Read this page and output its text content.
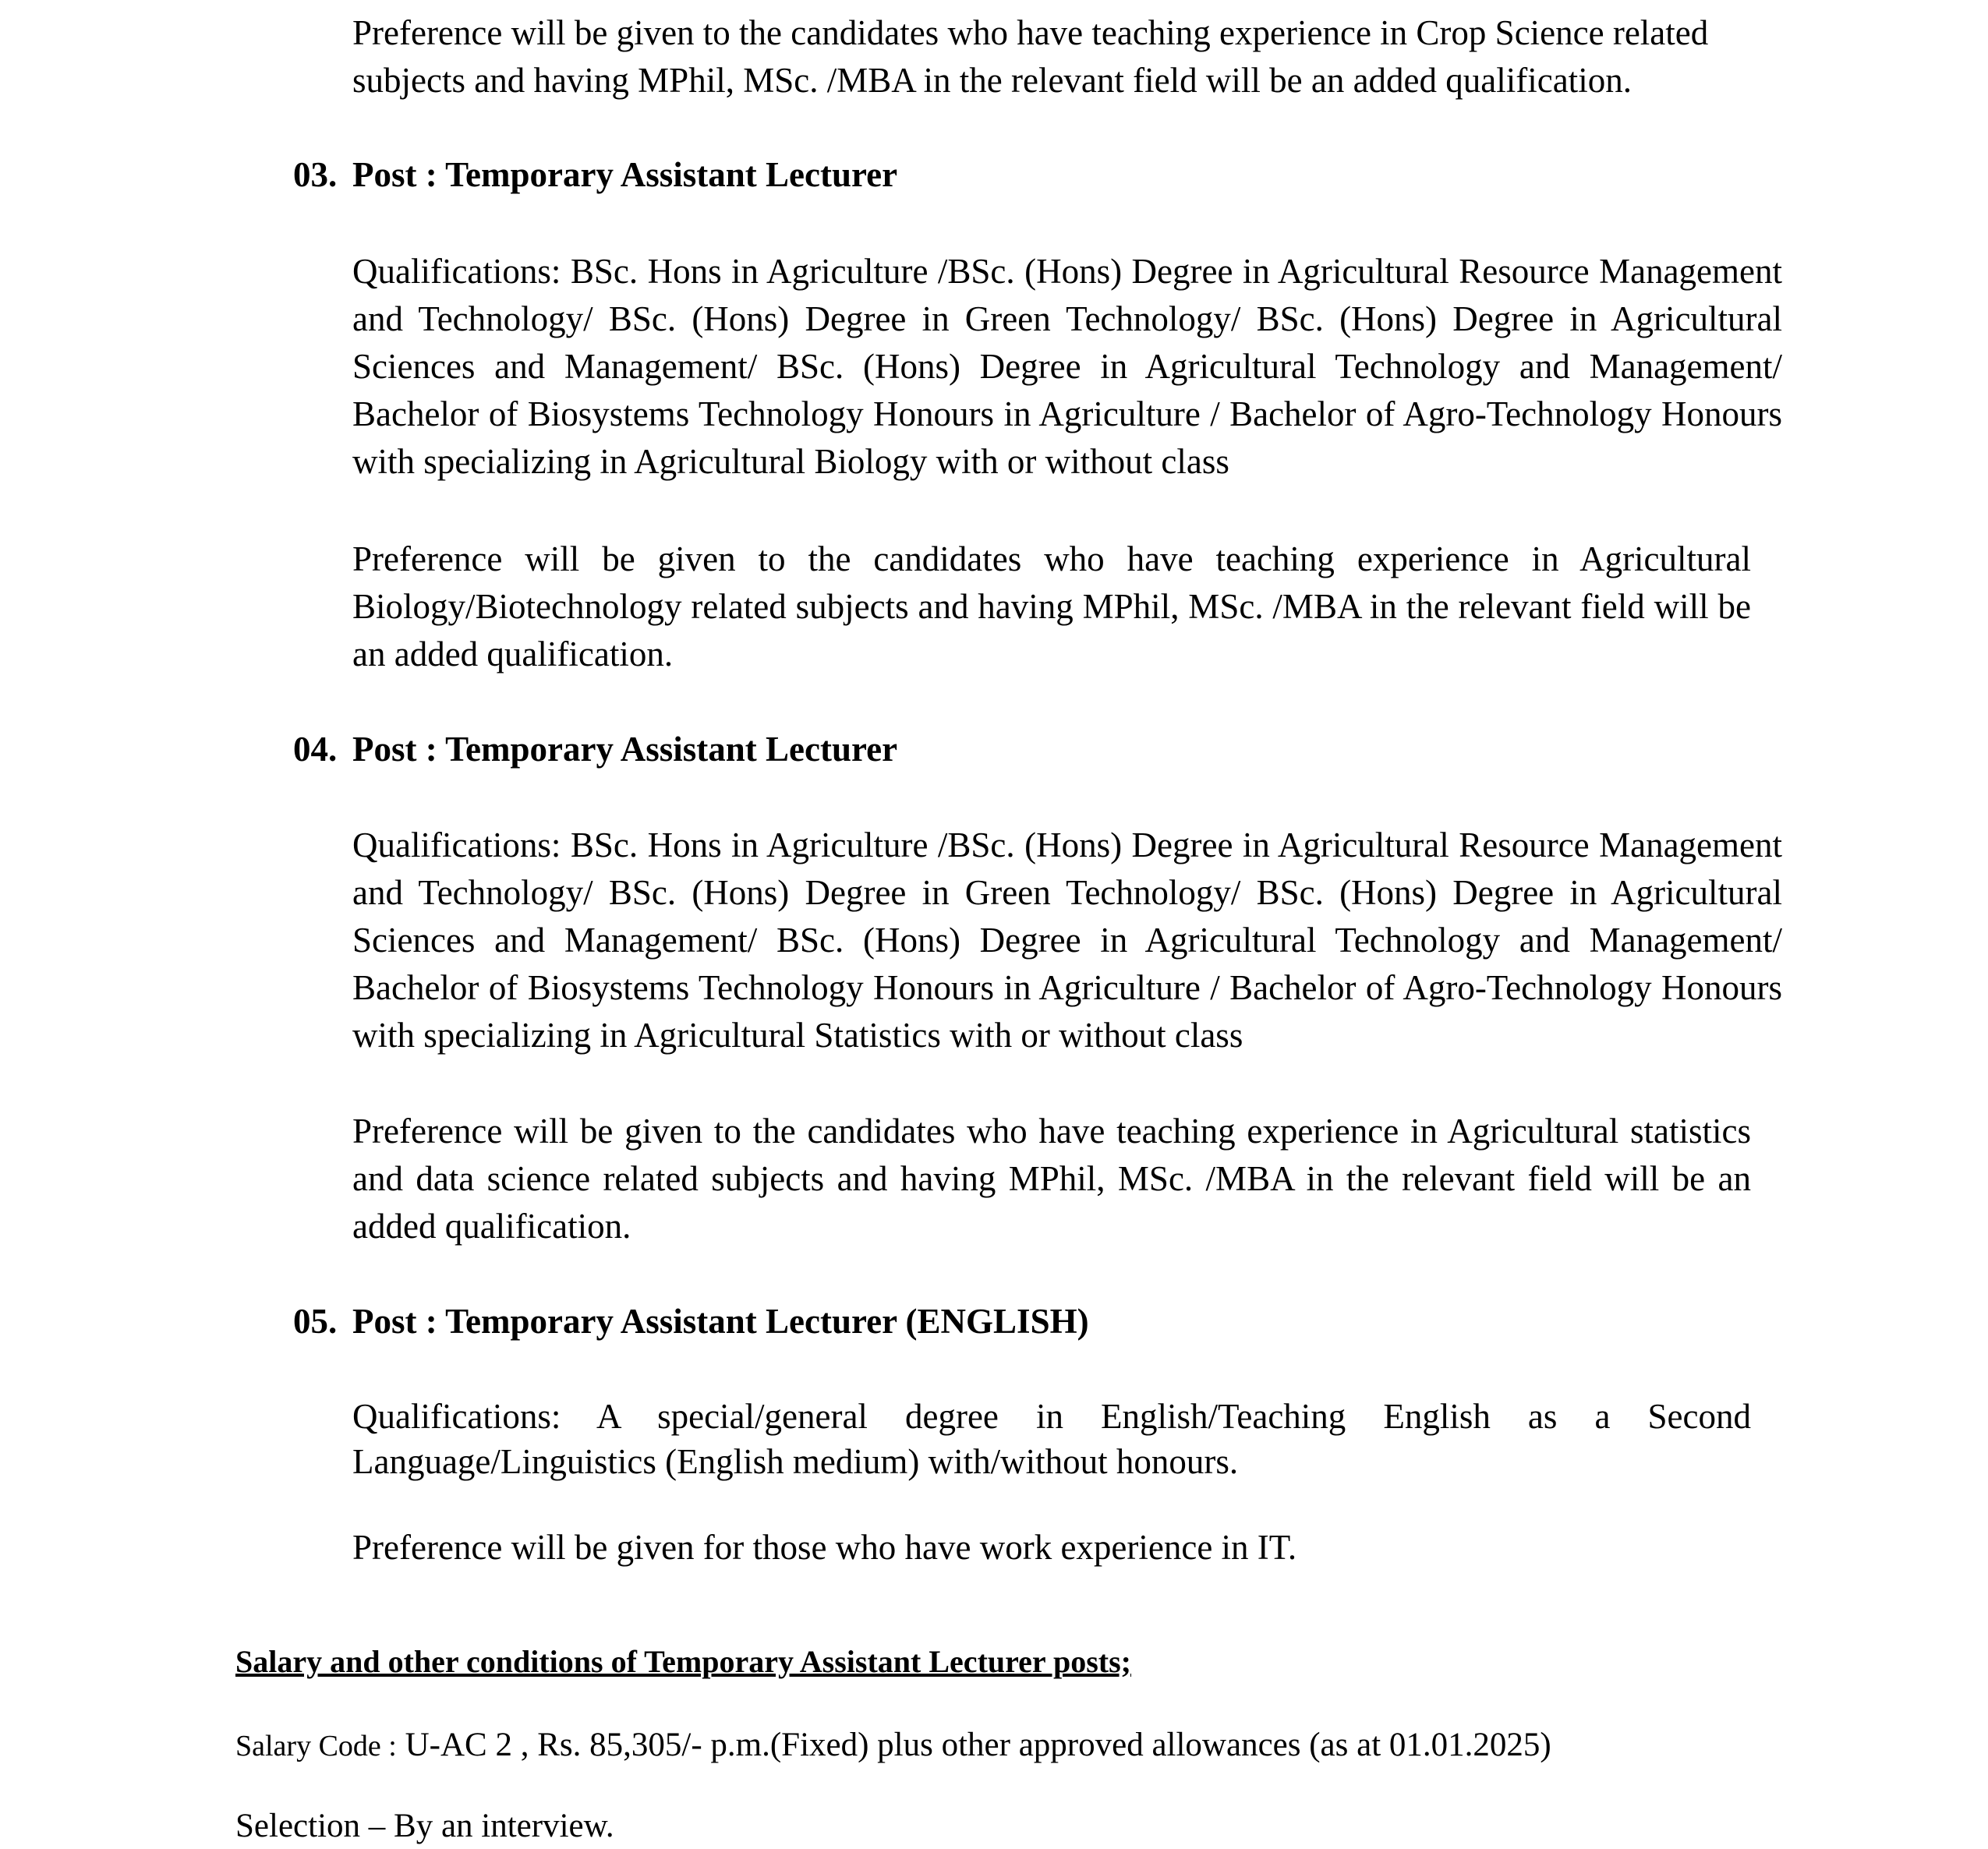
Preference will be given to the candidates who have teaching experience in Crop Science related subjects and having MPhil, MSc. /MBA in the relevant field will be an added qualification.

03. Post : Temporary Assistant Lecturer

Qualifications: BSc. Hons in Agriculture /BSc. (Hons) Degree in Agricultural Resource Management and Technology/ BSc. (Hons) Degree in Green Technology/ BSc. (Hons) Degree in Agricultural Sciences and Management/ BSc. (Hons) Degree in Agricultural Technology and Management/ Bachelor of Biosystems Technology Honours in Agriculture / Bachelor of Agro-Technology Honours with specializing in Agricultural Biology with or without class

Preference will be given to the candidates who have teaching experience in Agricultural Biology/Biotechnology related subjects and having MPhil, MSc. /MBA in the relevant field will be an added qualification.

04. Post : Temporary Assistant Lecturer

Qualifications: BSc. Hons in Agriculture /BSc. (Hons) Degree in Agricultural Resource Management and Technology/ BSc. (Hons) Degree in Green Technology/ BSc. (Hons) Degree in Agricultural Sciences and Management/ BSc. (Hons) Degree in Agricultural Technology and Management/ Bachelor of Biosystems Technology Honours in Agriculture / Bachelor of Agro-Technology Honours with specializing in Agricultural Statistics with or without class

Preference will be given to the candidates who have teaching experience in Agricultural statistics and data science related subjects and having MPhil, MSc. /MBA in the relevant field will be an added qualification.

05. Post : Temporary Assistant Lecturer (ENGLISH)

Qualifications: A special/general degree in English/Teaching English as a Second Language/Linguistics (English medium) with/without honours.

Preference will be given for those who have work experience in IT.

Salary and other conditions of Temporary Assistant Lecturer posts;

Salary Code : U-AC 2 , Rs. 85,305/- p.m.(Fixed) plus other approved allowances (as at 01.01.2025)

Selection – By an interview.
